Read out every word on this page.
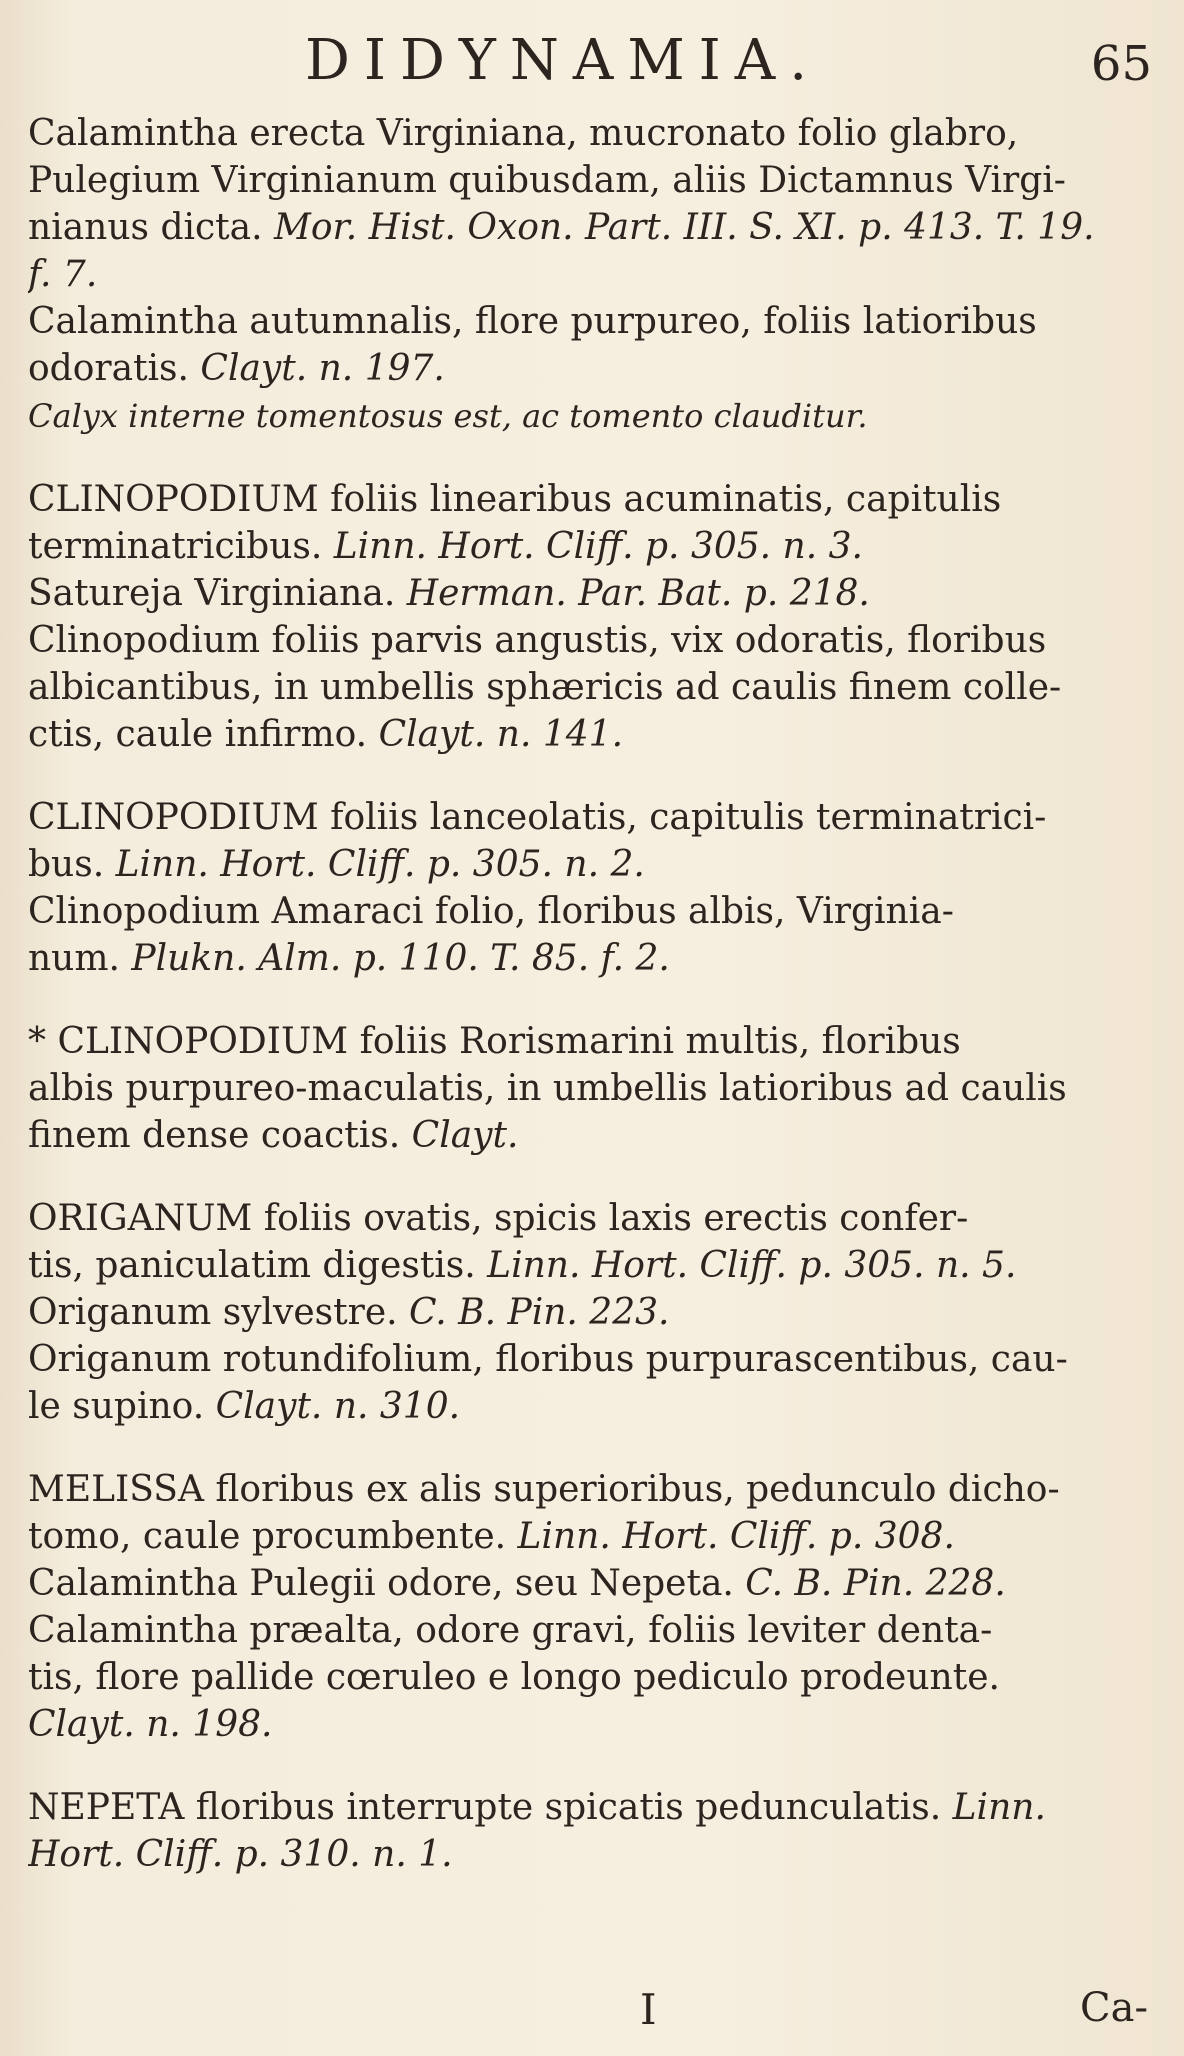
DIDYNAMIA.	65
Calamintha erecta Virginiana, mucronato folio glabro,
Pulegium Virginianum quibusdam, aliis Dictamnus Virgi-
nianus dicta. Mor. Hist. Oxon. Part. III. S. XI. p. 413. T. 19.
f. 7.
Calamintha autumnalis, flore purpureo, foliis latioribus
odoratis. Clayt. n. 197.
Calyx interne tomentosus est, ac tomento clauditur.
CLINOPODIUM foliis linearibus acuminatis, capitulis
terminatricibus. Linn. Hort. Cliff. p. 305. n. 3.
Satureja Virginiana. Herman. Par. Bat. p. 218.
Clinopodium foliis parvis angustis, vix odoratis, floribus
albicantibus, in umbellis sphæricis ad caulis finem colle-
ctis, caule infirmo. Clayt. n. 141.
CLINOPODIUM foliis lanceolatis, capitulis terminatrici-
bus. Linn. Hort. Cliff. p. 305. n. 2.
Clinopodium Amaraci folio, floribus albis, Virginia-
num. Plukn. Alm. p. 110. T. 85. f. 2.
* CLINOPODIUM foliis Rorismarini multis, floribus
albis purpureo-maculatis, in umbellis latioribus ad caulis
finem dense coactis. Clayt.
ORIGANUM foliis ovatis, spicis laxis erectis confer-
tis, paniculatim digestis. Linn. Hort. Cliff. p. 305. n. 5.
Origanum sylvestre. C. B. Pin. 223.
Origanum rotundifolium, floribus purpurascentibus, cau-
le supino. Clayt. n. 310.
MELISSA floribus ex alis superioribus, pedunculo dicho-
tomo, caule procumbente. Linn. Hort. Cliff. p. 308.
Calamintha Pulegii odore, seu Nepeta. C. B. Pin. 228.
Calamintha præalta, odore gravi, foliis leviter denta-
tis, flore pallide cœruleo e longo pediculo prodeunte.
Clayt. n. 198.
NEPETA floribus interrupte spicatis pedunculatis. Linn.
Hort. Cliff. p. 310. n. 1.
I	Ca-
